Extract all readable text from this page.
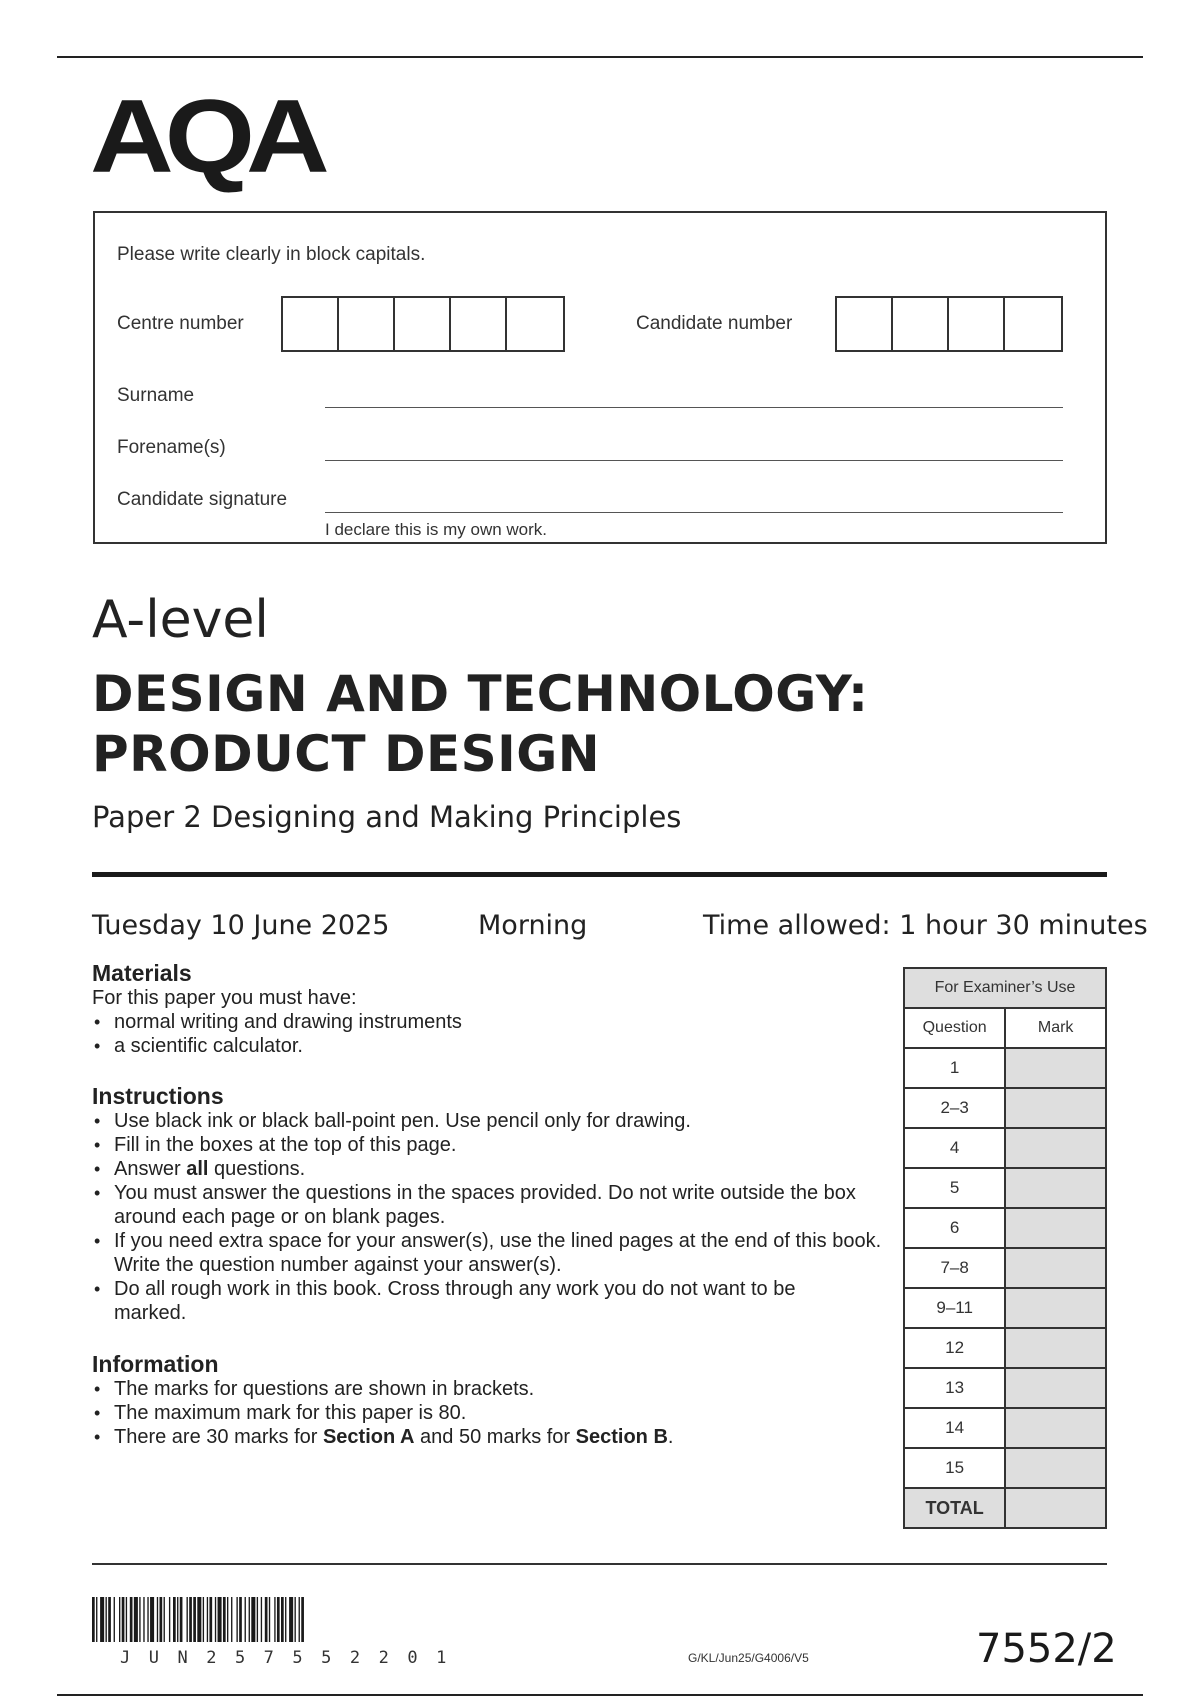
AQA
Please write clearly in block capitals.
Centre number	Candidate number
Surname
Forename(s)
Candidate signature
I declare this is my own work.
A-level
DESIGN AND TECHNOLOGY:
PRODUCT DESIGN
Paper 2 Designing and Making Principles
Tuesday 10 June 2025	Morning	Time allowed: 1 hour 30 minutes
Materials
For this paper you must have:
• normal writing and drawing instruments
• a scientific calculator.
Instructions
• Use black ink or black ball-point pen. Use pencil only for drawing.
• Fill in the boxes at the top of this page.
• Answer all questions.
• You must answer the questions in the spaces provided. Do not write outside the box around each page or on blank pages.
• If you need extra space for your answer(s), use the lined pages at the end of this book. Write the question number against your answer(s).
• Do all rough work in this book. Cross through any work you do not want to be marked.
Information
• The marks for questions are shown in brackets.
• The maximum mark for this paper is 80.
• There are 30 marks for Section A and 50 marks for Section B.
For Examiner’s Use	
Question	Mark
1	
2–3	
4	
5	
6	
7–8	
9–11	
12	
13	
14	
15	
TOTAL	
JUN257552201	G/KL/Jun25/G4006/V5	7552/2
